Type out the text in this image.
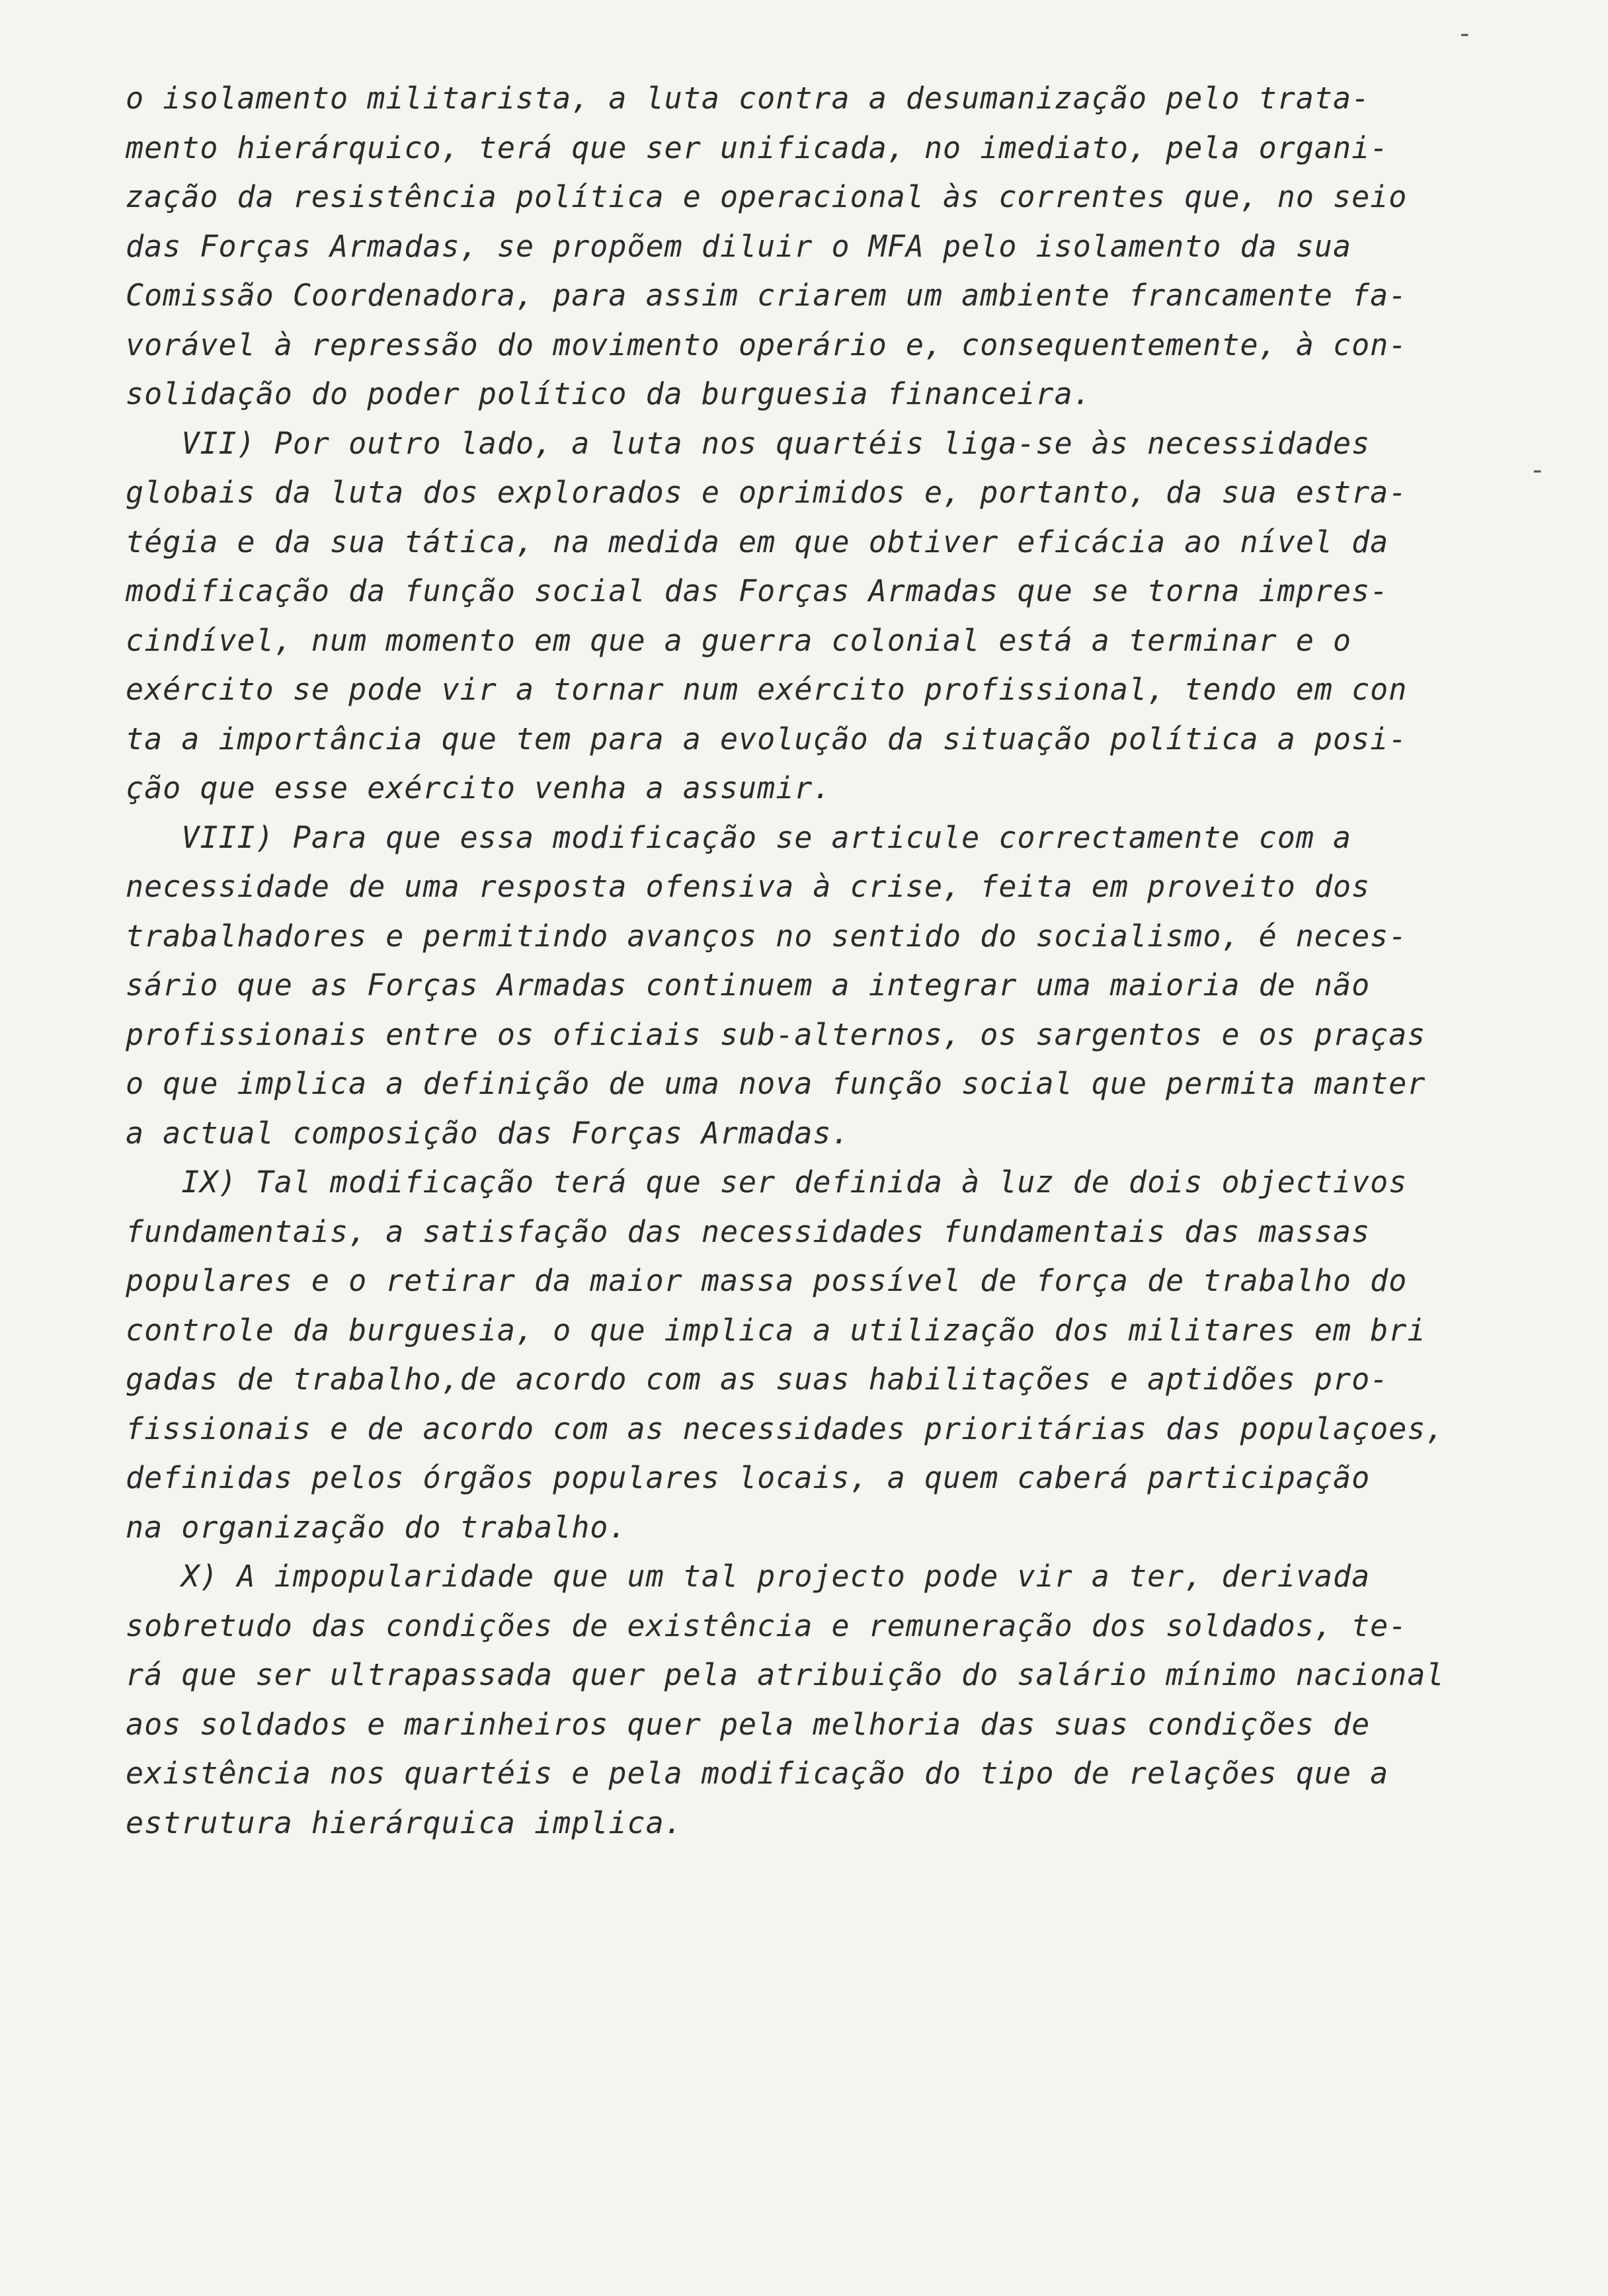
-
-
o isolamento militarista, a luta contra a desumanização pelo trata-
mento hierárquico, terá que ser unificada, no imediato, pela organi-
zação da resistência política e operacional às correntes que, no seio
das Forças Armadas, se propõem diluir o MFA pelo isolamento da sua
Comissão Coordenadora, para assim criarem um ambiente francamente fa-
vorável à repressão do movimento operário e, consequentemente, à con-
solidação do poder político da burguesia financeira.
VII) Por outro lado, a luta nos quartéis liga-se às necessidades
globais da luta dos explorados e oprimidos e, portanto, da sua estra-
tégia e da sua tática, na medida em que obtiver eficácia ao nível da
modificação da função social das Forças Armadas que se torna impres-
cindível, num momento em que a guerra colonial está a terminar e o
exército se pode vir a tornar num exército profissional, tendo em con
ta a importância que tem para a evolução da situação política a posi-
ção que esse exército venha a assumir.
VIII) Para que essa modificação se articule correctamente com a
necessidade de uma resposta ofensiva à crise, feita em proveito dos
trabalhadores e permitindo avanços no sentido do socialismo, é neces-
sário que as Forças Armadas continuem a integrar uma maioria de não
profissionais entre os oficiais sub-alternos, os sargentos e os praças
o que implica a definição de uma nova função social que permita manter
a actual composição das Forças Armadas.
IX) Tal modificação terá que ser definida à luz de dois objectivos
fundamentais, a satisfação das necessidades fundamentais das massas
populares e o retirar da maior massa possível de força de trabalho do
controle da burguesia, o que implica a utilização dos militares em bri
gadas de trabalho,de acordo com as suas habilitações e aptidões pro-
fissionais e de acordo com as necessidades prioritárias das populaçoes,
definidas pelos órgãos populares locais, a quem caberá participação
na organização do trabalho.
X) A impopularidade que um tal projecto pode vir a ter, derivada
sobretudo das condições de existência e remuneração dos soldados, te-
rá que ser ultrapassada quer pela atribuição do salário mínimo nacional
aos soldados e marinheiros quer pela melhoria das suas condições de
existência nos quartéis e pela modificação do tipo de relações que a
estrutura hierárquica implica.
